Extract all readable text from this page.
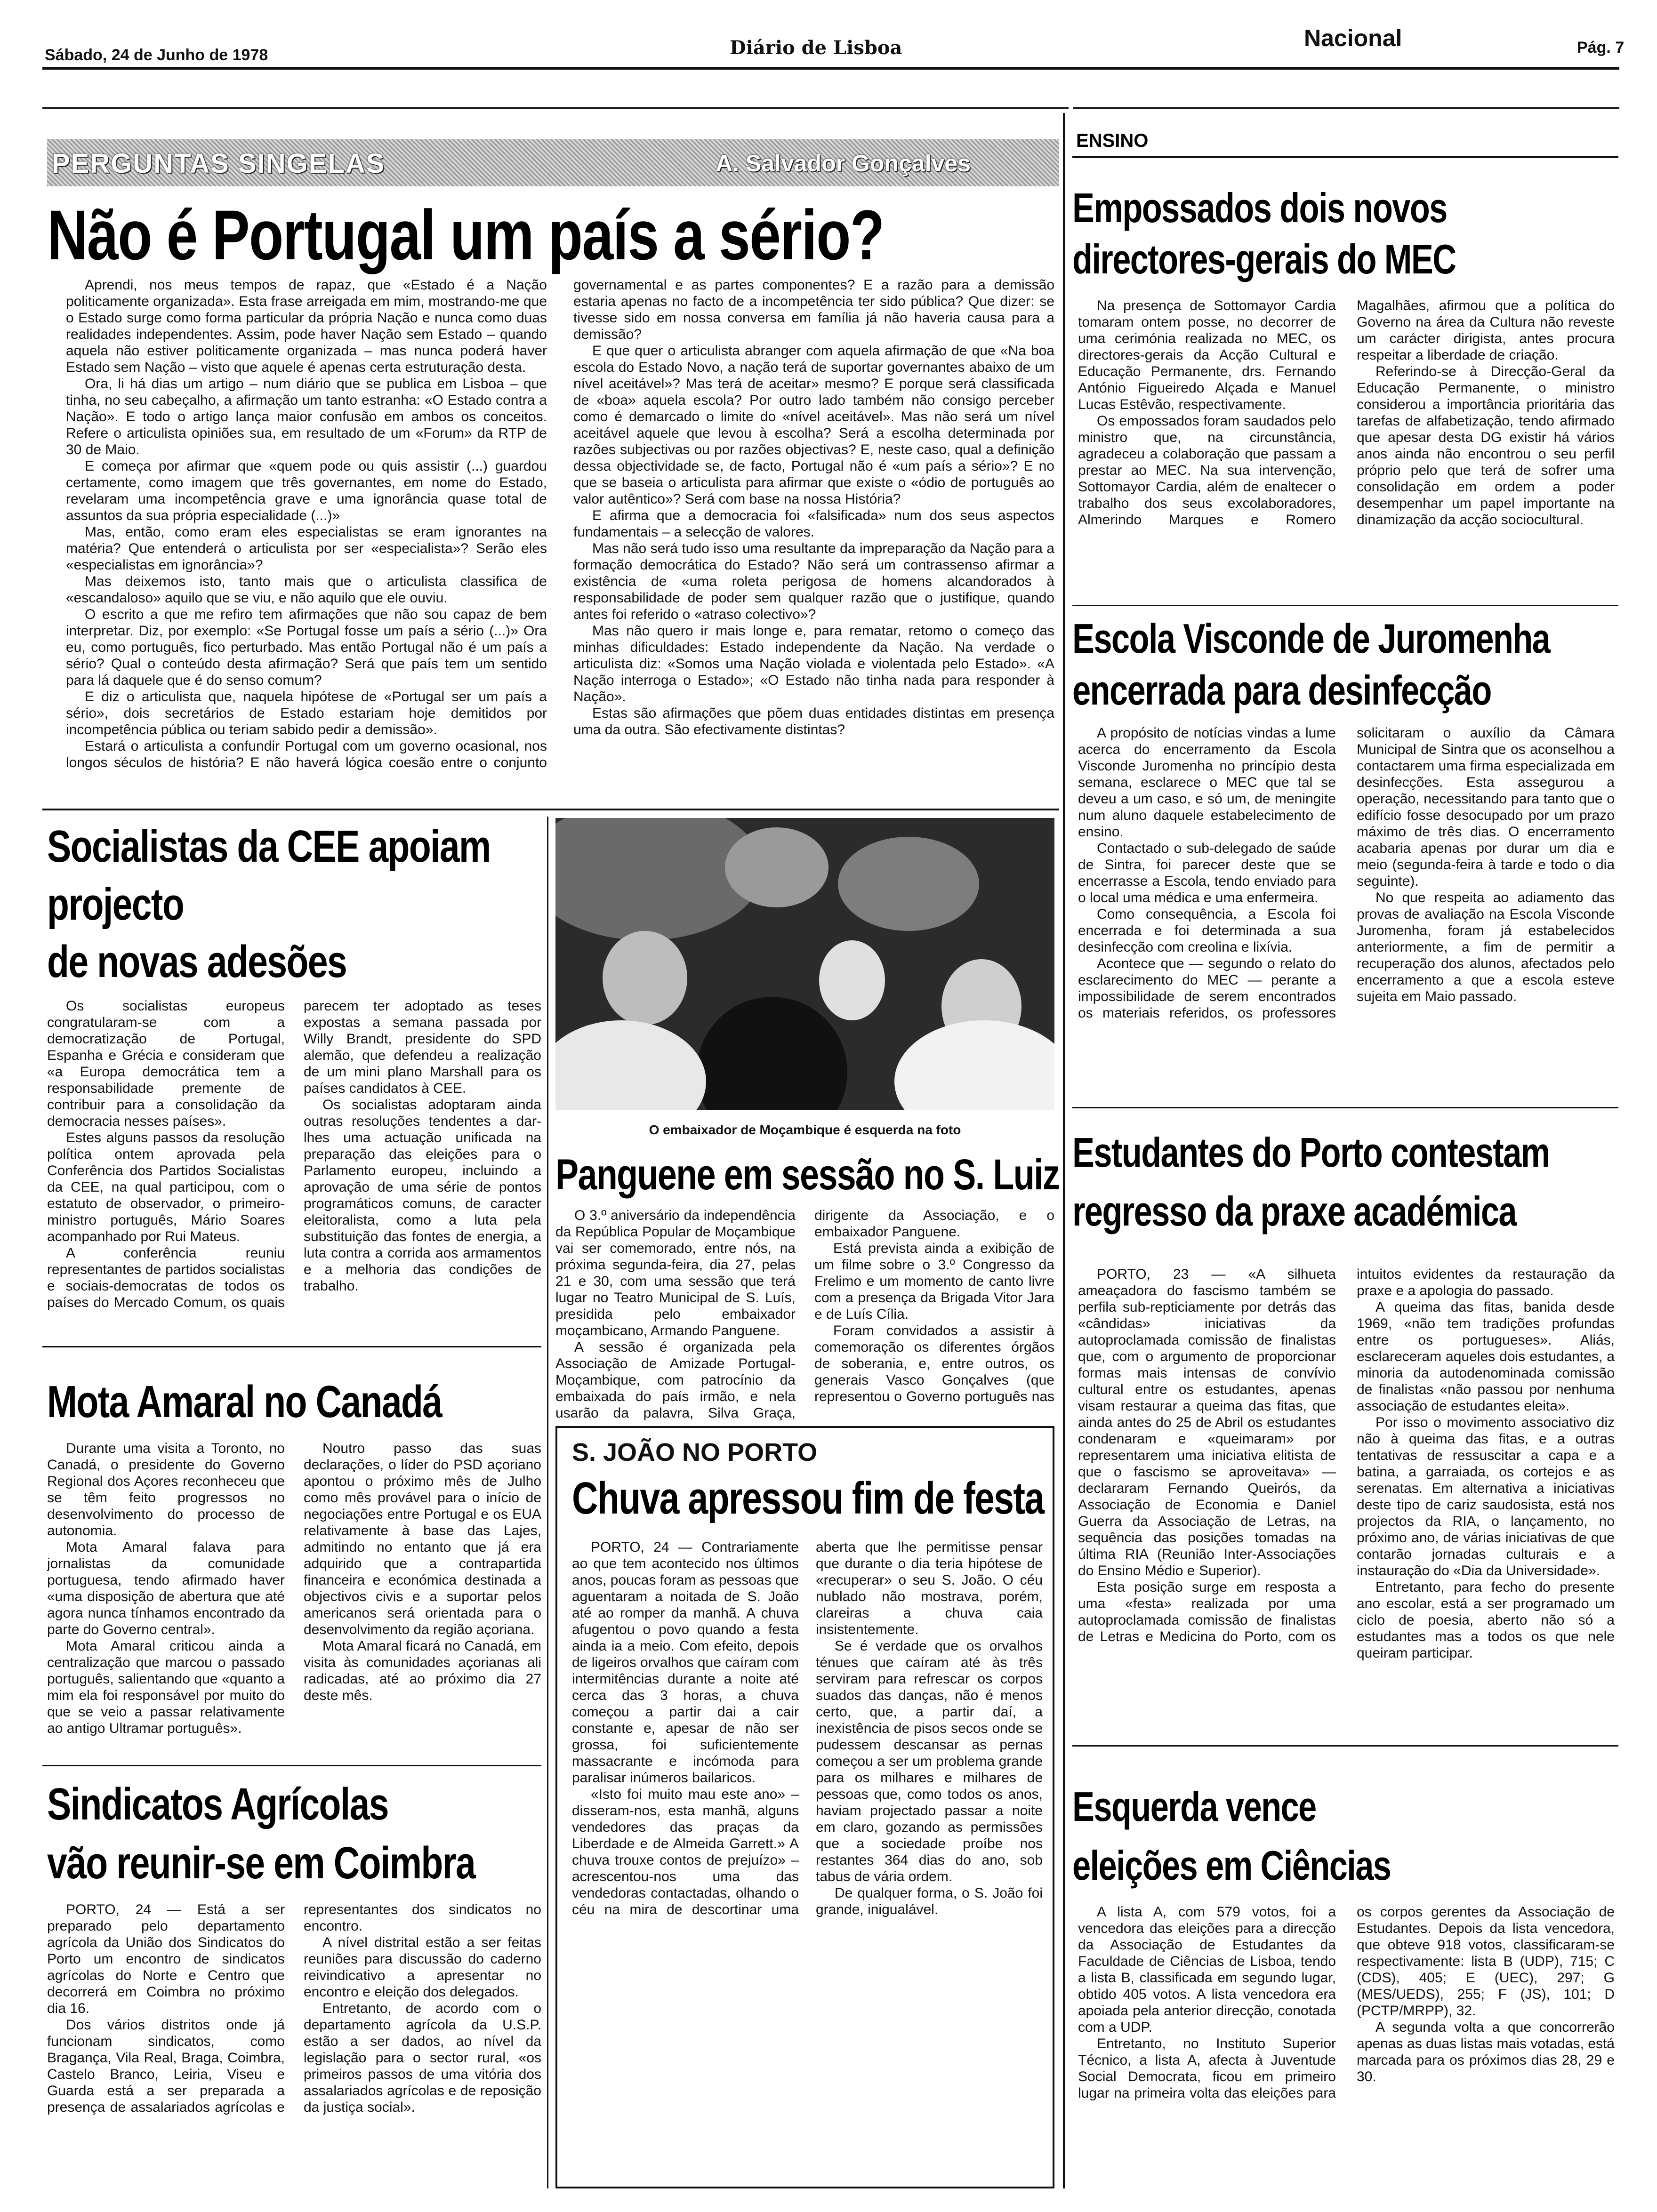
Sábado, 24 de Junho de 1978	Diário de Lisboa	Nacional	Pág. 7
PERGUNTAS SINGELAS	A. Salvador Gonçalves
Não é Portugal um país a sério?

Aprendi, nos meus tempos de rapaz, que «Estado é a Nação politicamente organizada». Esta frase arreigada em mim, mostrando-me que o Estado surge como forma particular da própria Nação e nunca como duas realidades independentes. Assim, pode haver Nação sem Estado – quando aquela não estiver politicamente organizada – mas nunca poderá haver Estado sem Nação – visto que aquele é apenas certa estruturação desta.

Ora, li há dias um artigo – num diário que se publica em Lisboa – que tinha, no seu cabeçalho, a afirmação um tanto estranha: «O Estado contra a Nação». E todo o artigo lança maior confusão em ambos os conceitos. Refere o articulista opiniões sua, em resultado de um «Forum» da RTP de 30 de Maio.

E começa por afirmar que «quem pode ou quis assistir (...) guardou certamente, como imagem que três governantes, em nome do Estado, revelaram uma incompetência grave e uma ignorância quase total de assuntos da sua própria especialidade (...)»

Mas, então, como eram eles especialistas se eram ignorantes na matéria? Que entenderá o articulista por ser «especialista»? Serão eles «especialistas em ignorância»?

Mas deixemos isto, tanto mais que o articulista classifica de «escandaloso» aquilo que se viu, e não aquilo que ele ouviu.

O escrito a que me refiro tem afirmações que não sou capaz de bem interpretar. Diz, por exemplo: «Se Portugal fosse um país a sério (...)» Ora eu, como português, fico perturbado. Mas então Portugal não é um país a sério? Qual o conteúdo desta afirmação? Será que país tem um sentido para lá daquele que é do senso comum?

E diz o articulista que, naquela hipótese de «Portugal ser um país a sério», dois secretários de Estado estariam hoje demitidos por incompetência pública ou teriam sabido pedir a demissão».

Estará o articulista a confundir Portugal com um governo ocasional, nos longos séculos de história? E não haverá lógica coesão entre o conjunto governamental e as partes componentes? E a razão para a demissão estaria apenas no facto de a incompetência ter sido pública? Que dizer: se tivesse sido em nossa conversa em família já não haveria causa para a demissão?

E que quer o articulista abranger com aquela afirmação de que «Na boa escola do Estado Novo, a nação terá de suportar governantes abaixo de um nível aceitável»? Mas terá de aceitar» mesmo? E porque será classificada de «boa» aquela escola? Por outro lado também não consigo perceber como é demarcado o limite do «nível aceitável». Mas não será um nível aceitável aquele que levou à escolha? Será a escolha determinada por razões subjectivas ou por razões objectivas? E, neste caso, qual a definição dessa objectividade se, de facto, Portugal não é «um país a sério»? E no que se baseia o articulista para afirmar que existe o «ódio de português ao valor autêntico»? Será com base na nossa História?

E afirma que a democracia foi «falsificada» num dos seus aspectos fundamentais – a selecção de valores.

Mas não será tudo isso uma resultante da impreparação da Nação para a formação democrática do Estado? Não será um contrassenso afirmar a existência de «uma roleta perigosa de homens alcandorados à responsabilidade de poder sem qualquer razão que o justifique, quando antes foi referido o «atraso colectivo»?

Mas não quero ir mais longe e, para rematar, retomo o começo das minhas dificuldades: Estado independente da Nação. Na verdade o articulista diz: «Somos uma Nação violada e violentada pelo Estado». «A Nação interroga o Estado»; «O Estado não tinha nada para responder à Nação».

Estas são afirmações que põem duas entidades distintas em presença uma da outra. São efectivamente distintas?

Socialistas da CEE apoiam
projecto
de novas adesões

Os socialistas europeus congratularam-se com a democratização de Portugal, Espanha e Grécia e consideram que «a Europa democrática tem a responsabilidade premente de contribuir para a consolidação da democracia nesses países».

Estes alguns passos da resolução política ontem aprovada pela Conferência dos Partidos Socialistas da CEE, na qual participou, com o estatuto de observador, o primeiro-ministro português, Mário Soares acompanhado por Rui Mateus.

A conferência reuniu representantes de partidos socialistas e sociais-democratas de todos os países do Mercado Comum, os quais parecem ter adoptado as teses expostas a semana passada por Willy Brandt, presidente do SPD alemão, que defendeu a realização de um mini plano Marshall para os países candidatos à CEE.

Os socialistas adoptaram ainda outras resoluções tendentes a dar-lhes uma actuação unificada na preparação das eleições para o Parlamento europeu, incluindo a aprovação de uma série de pontos programáticos comuns, de caracter eleitoralista, como a luta pela substituição das fontes de energia, a luta contra a corrida aos armamentos e a melhoria das condições de trabalho.

O embaixador de Moçambique é esquerda na foto
Panguene em sessão no S. Luiz

O 3.º aniversário da independência da República Popular de Moçambique vai ser comemorado, entre nós, na próxima segunda-feira, dia 27, pelas 21 e 30, com uma sessão que terá lugar no Teatro Municipal de S. Luís, presidida pelo embaixador moçambicano, Armando Panguene.

A sessão é organizada pela Associação de Amizade Portugal-Moçambique, com patrocínio da embaixada do país irmão, e nela usarão da palavra, Silva Graça, dirigente da Associação, e o embaixador Panguene.

Está prevista ainda a exibição de um filme sobre o 3.º Congresso da Frelimo e um momento de canto livre com a presença da Brigada Vitor Jara e de Luís Cília.

Foram convidados a assistir à comemoração os diferentes órgãos de soberania, e, entre outros, os generais Vasco Gonçalves (que representou o Governo português nas

Mota Amaral no Canadá

Durante uma visita a Toronto, no Canadá, o presidente do Governo Regional dos Açores reconheceu que se têm feito progressos no desenvolvimento do processo de autonomia.

Mota Amaral falava para jornalistas da comunidade portuguesa, tendo afirmado haver «uma disposição de abertura que até agora nunca tínhamos encontrado da parte do Governo central».

Mota Amaral criticou ainda a centralização que marcou o passado português, salientando que «quanto a mim ela foi responsável por muito do que se veio a passar relativamente ao antigo Ultramar português».

Noutro passo das suas declarações, o líder do PSD açoriano apontou o próximo mês de Julho como mês provável para o início de negociações entre Portugal e os EUA relativamente à base das Lajes, admitindo no entanto que já era adquirido que a contrapartida financeira e económica destinada a objectivos civis e a suportar pelos americanos será orientada para o desenvolvimento da região açoriana.

Mota Amaral ficará no Canadá, em visita às comunidades açorianas ali radicadas, até ao próximo dia 27 deste mês.

Sindicatos Agrícolas
vão reunir-se em Coimbra

PORTO, 24 — Está a ser preparado pelo departamento agrícola da União dos Sindicatos do Porto um encontro de sindicatos agrícolas do Norte e Centro que decorrerá em Coimbra no próximo dia 16.

Dos vários distritos onde já funcionam sindicatos, como Bragança, Vila Real, Braga, Coimbra, Castelo Branco, Leiria, Viseu e Guarda está a ser preparada a presença de assalariados agrícolas e representantes dos sindicatos no encontro.

A nível distrital estão a ser feitas reuniões para discussão do caderno reivindicativo a apresentar no encontro e eleição dos delegados.

Entretanto, de acordo com o departamento agrícola da U.S.P. estão a ser dados, ao nível da legislação para o sector rural, «os primeiros passos de uma vitória dos assalariados agrícolas e de reposição da justiça social».

S. JOÃO NO PORTO
Chuva apressou fim de festa

PORTO, 24 — Contrariamente ao que tem acontecido nos últimos anos, poucas foram as pessoas que aguentaram a noitada de S. João até ao romper da manhã. A chuva afugentou o povo quando a festa ainda ia a meio. Com efeito, depois de ligeiros orvalhos que caíram com intermitências durante a noite até cerca das 3 horas, a chuva começou a partir dai a cair constante e, apesar de não ser grossa, foi suficientemente massacrante e incómoda para paralisar inúmeros bailaricos.

«Isto foi muito mau este ano» – disseram-nos, esta manhã, alguns vendedores das praças da Liberdade e de Almeida Garrett.» A chuva trouxe contos de prejuízo» – acrescentou-nos uma das vendedoras contactadas, olhando o céu na mira de descortinar uma aberta que lhe permitisse pensar que durante o dia teria hipótese de «recuperar» o seu S. João. O céu nublado não mostrava, porém, clareiras a chuva caia insistentemente.

Se é verdade que os orvalhos ténues que caíram até às três serviram para refrescar os corpos suados das danças, não é menos certo, que, a partir daí, a inexistência de pisos secos onde se pudessem descansar as pernas começou a ser um problema grande para os milhares e milhares de pessoas que, como todos os anos, haviam projectado passar a noite em claro, gozando as permissões que a sociedade proíbe nos restantes 364 dias do ano, sob tabus de vária ordem.

De qualquer forma, o S. João foi grande, inigualável.

ENSINO
Empossados dois novos
directores-gerais do MEC

Na presença de Sottomayor Cardia tomaram ontem posse, no decorrer de uma cerimónia realizada no MEC, os directores-gerais da Acção Cultural e Educação Permanente, drs. Fernando António Figueiredo Alçada e Manuel Lucas Estêvão, respectivamente.

Os empossados foram saudados pelo ministro que, na circunstância, agradeceu a colaboração que passam a prestar ao MEC. Na sua intervenção, Sottomayor Cardia, além de enaltecer o trabalho dos seus excolaboradores, Almerindo Marques e Romero Magalhães, afirmou que a política do Governo na área da Cultura não reveste um carácter dirigista, antes procura respeitar a liberdade de criação.

Referindo-se à Direcção-Geral da Educação Permanente, o ministro considerou a importância prioritária das tarefas de alfabetização, tendo afirmado que apesar desta DG existir há vários anos ainda não encontrou o seu perfil próprio pelo que terá de sofrer uma consolidação em ordem a poder desempenhar um papel importante na dinamização da acção sociocultural.

Escola Visconde de Juromenha
encerrada para desinfecção

A propósito de notícias vindas a lume acerca do encerramento da Escola Visconde Juromenha no princípio desta semana, esclarece o MEC que tal se deveu a um caso, e só um, de meningite num aluno daquele estabelecimento de ensino.

Contactado o sub-delegado de saúde de Sintra, foi parecer deste que se encerrasse a Escola, tendo enviado para o local uma médica e uma enfermeira.

Como consequência, a Escola foi encerrada e foi determinada a sua desinfecção com creolina e lixívia.

Acontece que — segundo o relato do esclarecimento do MEC — perante a impossibilidade de serem encontrados os materiais referidos, os professores solicitaram o auxílio da Câmara Municipal de Sintra que os aconselhou a contactarem uma firma especializada em desinfecções. Esta assegurou a operação, necessitando para tanto que o edifício fosse desocupado por um prazo máximo de três dias. O encerramento acabaria apenas por durar um dia e meio (segunda-feira à tarde e todo o dia seguinte).

No que respeita ao adiamento das provas de avaliação na Escola Visconde Juromenha, foram já estabelecidos anteriormente, a fim de permitir a recuperação dos alunos, afectados pelo encerramento a que a escola esteve sujeita em Maio passado.

Estudantes do Porto contestam
regresso da praxe académica

PORTO, 23 — «A silhueta ameaçadora do fascismo também se perfila sub-repticiamente por detrás das «cândidas» iniciativas da autoproclamada comissão de finalistas que, com o argumento de proporcionar formas mais intensas de convívio cultural entre os estudantes, apenas visam restaurar a queima das fitas, que ainda antes do 25 de Abril os estudantes condenaram e «queimaram» por representarem uma iniciativa elitista de que o fascismo se aproveitava» — declararam Fernando Queirós, da Associação de Economia e Daniel Guerra da Associação de Letras, na sequência das posições tomadas na última RIA (Reunião Inter-Associações do Ensino Médio e Superior).

Esta posição surge em resposta a uma «festa» realizada por uma autoproclamada comissão de finalistas de Letras e Medicina do Porto, com os intuitos evidentes da restauração da praxe e a apologia do passado.

A queima das fitas, banida desde 1969, «não tem tradições profundas entre os portugueses». Aliás, esclareceram aqueles dois estudantes, a minoria da autodenominada comissão de finalistas «não passou por nenhuma associação de estudantes eleita».

Por isso o movimento associativo diz não à queima das fitas, e a outras tentativas de ressuscitar a capa e a batina, a garraiada, os cortejos e as serenatas. Em alternativa a iniciativas deste tipo de cariz saudosista, está nos projectos da RIA, o lançamento, no próximo ano, de várias iniciativas de que contarão jornadas culturais e a instauração do «Dia da Universidade».

Entretanto, para fecho do presente ano escolar, está a ser programado um ciclo de poesia, aberto não só a estudantes mas a todos os que nele queiram participar.

Esquerda vence
eleições em Ciências

A lista A, com 579 votos, foi a vencedora das eleições para a direcção da Associação de Estudantes da Faculdade de Ciências de Lisboa, tendo a lista B, classificada em segundo lugar, obtido 405 votos. A lista vencedora era apoiada pela anterior direcção, conotada com a UDP.

Entretanto, no Instituto Superior Técnico, a lista A, afecta à Juventude Social Democrata, ficou em primeiro lugar na primeira volta das eleições para os corpos gerentes da Associação de Estudantes. Depois da lista vencedora, que obteve 918 votos, classificaram-se respectivamente: lista B (UDP), 715; C (CDS), 405; E (UEC), 297; G (MES/UEDS), 255; F (JS), 101; D (PCTP/MRPP), 32.

A segunda volta a que concorrerão apenas as duas listas mais votadas, está marcada para os próximos dias 28, 29 e 30.
